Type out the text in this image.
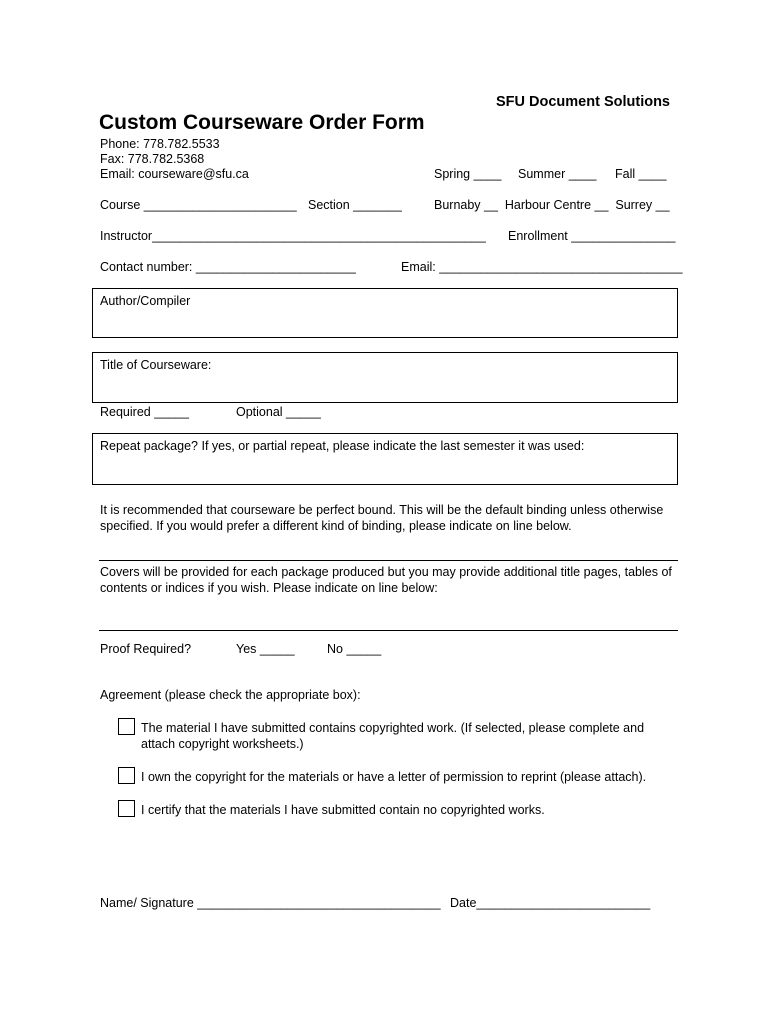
SFU Document Solutions
Custom Courseware Order Form
Phone: 778.782.5533
Fax: 778.782.5368
Email: courseware@sfu.ca	Spring ____ Summer ____ Fall ____
Course ______________________ Section _______	Burnaby __  Harbour Centre __  Surrey __
Instructor________________________________________________ Enrollment _______________
Contact number: _______________________	Email: ___________________________________
Author/Compiler
Title of Courseware:
Required _____	Optional _____
Repeat package? If yes, or partial repeat, please indicate the last semester it was used:
It is recommended that courseware be perfect bound. This will be the default binding unless otherwise specified. If you would prefer a different kind of binding, please indicate on line below.
Covers will be provided for each package produced but you may provide additional title pages, tables of contents or indices if you wish. Please indicate on line below:
Proof Required?	Yes _____	No _____
Agreement (please check the appropriate box):
The material I have submitted contains copyrighted work. (If selected, please complete and attach copyright worksheets.)
I own the copyright for the materials or have a letter of permission to reprint (please attach).
I certify that the materials I have submitted contain no copyrighted works.
Name/ Signature ___________________________________ Date_________________________
